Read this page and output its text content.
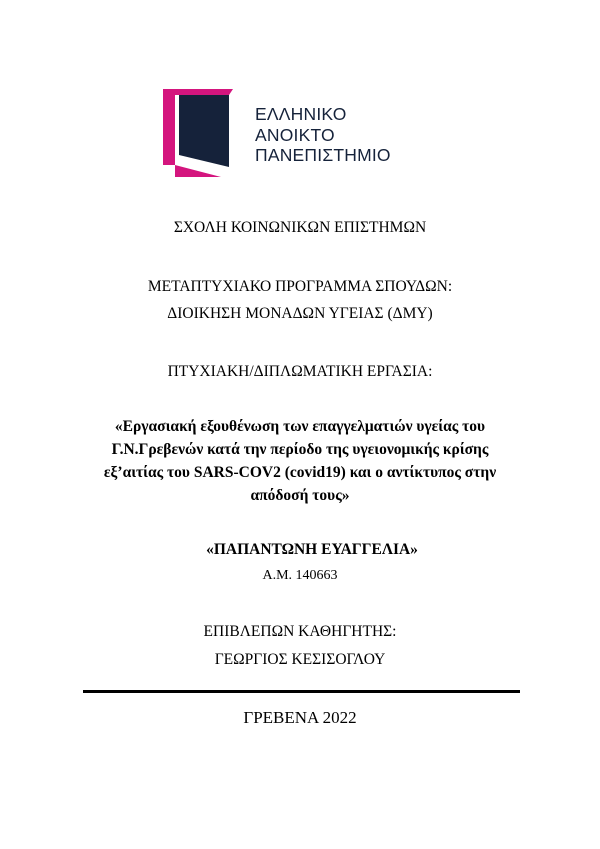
ΕΛΛΗΝΙΚΟ
ΑΝΟΙΚΤΟ
ΠΑΝΕΠΙΣΤΗΜΙΟ
ΣΧΟΛΗ ΚΟΙΝΩΝΙΚΩΝ ΕΠΙΣΤΗΜΩΝ
ΜΕΤΑΠΤΥΧΙΑΚΟ ΠΡΟΓΡΑΜΜΑ ΣΠΟΥΔΩΝ:
ΔΙΟΙΚΗΣΗ ΜΟΝΑΔΩΝ ΥΓΕΙΑΣ (ΔΜΥ)
ΠΤΥΧΙΑΚΗ/ΔΙΠΛΩΜΑΤΙΚΗ ΕΡΓΑΣΙΑ:
«Εργασιακή εξουθένωση των επαγγελματιών υγείας του
Γ.Ν.Γρεβενών κατά την περίοδο της υγειονομικής κρίσης
εξ’αιτίας του SARS-COV2 (covid19) και ο αντίκτυπος στην
απόδοσή τους»
«ΠΑΠΑΝΤΩΝΗ ΕΥΑΓΓΕΛΙΑ»
Α.Μ. 140663
ΕΠΙΒΛΕΠΩΝ ΚΑΘΗΓΗΤΗΣ:
ΓΕΩΡΓΙΟΣ ΚΕΣΙΣΟΓΛΟΥ
ΓΡΕΒΕΝΑ 2022
